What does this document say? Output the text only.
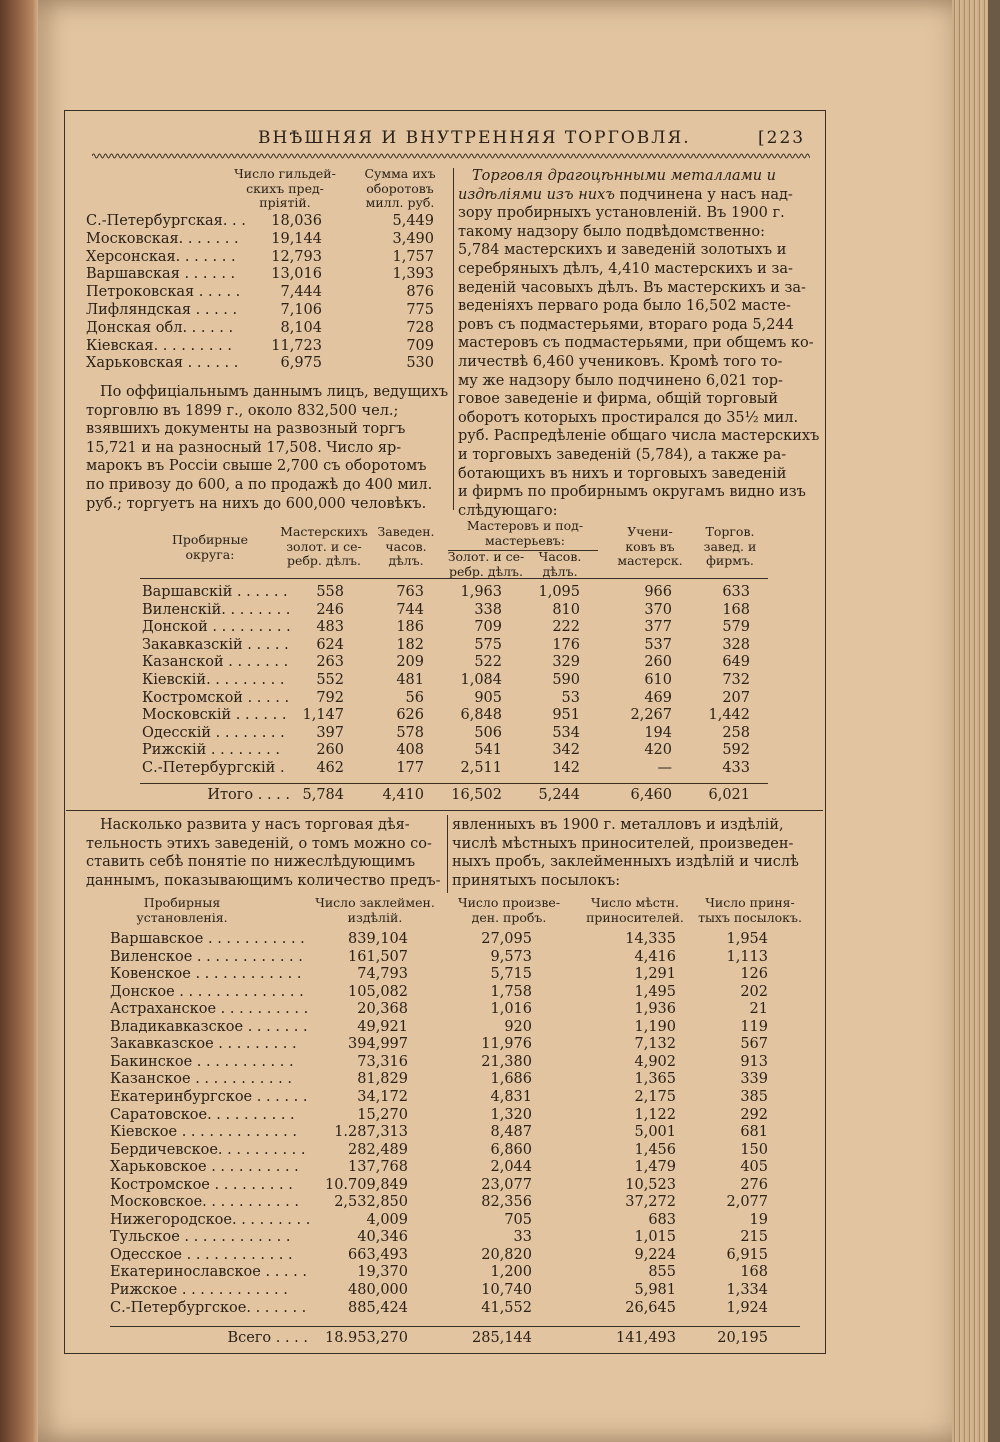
ВНѢШНЯЯ И ВНУТРЕННЯЯ ТОРГОВЛЯ.	[223
Число гильдей-
скихъ пред-
пріятій.
Сумма ихъ
оборотовъ
милл. руб.
С.-Петербургская. . .	18,036	5,449
Московская. . . . . . .	19,144	3,490
Херсонская. . . . . . .	12,793	1,757
Варшавская . . . . . .	13,016	1,393
Петроковская . . . . .	7,444	876
Лифляндская . . . . .	7,106	775
Донская обл. . . . . .	8,104	728
Кіевская. . . . . . . . .	11,723	709
Харьковская . . . . . .	6,975	530
По оффиціальнымъ даннымъ лицъ, ведущихъ
торговлю въ 1899 г., около 832,500 чел.;
взявшихъ документы на развозный торгъ
15,721 и на разносный 17,508. Число яр-
марокъ въ Россіи свыше 2,700 съ оборотомъ
по привозу до 600, а по продажѣ до 400 мил.
руб.; торгуетъ на нихъ до 600,000 человѣкъ.
Торговля драгоцѣнными металлами и
издѣліями изъ нихъ подчинена у насъ над-
зору пробирныхъ установленій. Въ 1900 г.
такому надзору было подвѣдомственно:
5,784 мастерскихъ и заведеній золотыхъ и
серебряныхъ дѣлъ, 4,410 мастерскихъ и за-
веденій часовыхъ дѣлъ. Въ мастерскихъ и за-
веденіяхъ перваго рода было 16,502 масте-
ровъ съ подмастерьями, втораго рода 5,244
мастеровъ съ подмастерьями, при общемъ ко-
личествѣ 6,460 учениковъ. Кромѣ того то-
му же надзору было подчинено 6,021 тор-
говое заведеніе и фирма, общій торговый
оборотъ которыхъ простирался до 35½ мил.
руб. Распредѣленіе общаго числа мастерскихъ
и торговыхъ заведеній (5,784), а также ра-
ботающихъ въ нихъ и торговыхъ заведеній
и фирмъ по пробирнымъ округамъ видно изъ
слѣдующаго:
Пробирные
округа:
Мастерскихъ
золот. и се-
ребр. дѣлъ.
Заведен.
часов.
дѣлъ.
Мастеровъ и под-
мастерьевъ:
Золот. и се-
ребр. дѣлъ.
Часов.
дѣлъ.
Учени-
ковъ въ
мастерск.
Торгов.
завед. и
фирмъ.
Варшавскій . . . . . .	558	763	1,963	1,095	966	633
Виленскій. . . . . . . .	246	744	338	810	370	168
Донской . . . . . . . . .	483	186	709	222	377	579
Закавказскій . . . . .	624	182	575	176	537	328
Казанской . . . . . . .	263	209	522	329	260	649
Кіевскій. . . . . . . . .	552	481	1,084	590	610	732
Костромской . . . . .	792	56	905	53	469	207
Московскій . . . . . .	1,147	626	6,848	951	2,267	1,442
Одесскій . . . . . . . .	397	578	506	534	194	258
Рижскій . . . . . . . .	260	408	541	342	420	592
С.-Петербургскій .	462	177	2,511	142	—	433
Итого . . . . 5,784	4,410	16,502	5,244	6,460	6,021
Насколько развита у насъ торговая дѣя-
тельность этихъ заведеній, о томъ можно со-
ставить себѣ понятіе по нижеслѣдующимъ
даннымъ, показывающимъ количество предъ-
явленныхъ въ 1900 г. металловъ и издѣлій,
числѣ мѣстныхъ приносителей, произведен-
ныхъ пробъ, заклейменныхъ издѣлій и числѣ
принятыхъ посылокъ:
Пробирныя
установленія.
Число заклеймен.
издѣлій.
Число произве-
ден. пробъ.
Число мѣстн.
приносителей.
Число приня-
тыхъ посылокъ.
Варшавское . . . . . . . . . . .	839,104	27,095	14,335	1,954
Виленское . . . . . . . . . . . .	161,507	9,573	4,416	1,113
Ковенское . . . . . . . . . . . .	74,793	5,715	1,291	126
Донское . . . . . . . . . . . . . .	105,082	1,758	1,495	202
Астраханское . . . . . . . . . .	20,368	1,016	1,936	21
Владикавказское . . . . . . .	49,921	920	1,190	119
Закавказское . . . . . . . . .	394,997	11,976	7,132	567
Бакинское . . . . . . . . . . .	73,316	21,380	4,902	913
Казанское . . . . . . . . . . .	81,829	1,686	1,365	339
Екатеринбургское . . . . . .	34,172	4,831	2,175	385
Саратовское. . . . . . . . . .	15,270	1,320	1,122	292
Кіевское . . . . . . . . . . . . .	1.287,313	8,487	5,001	681
Бердичевское. . . . . . . . . .	282,489	6,860	1,456	150
Харьковское . . . . . . . . . .	137,768	2,044	1,479	405
Костромское . . . . . . . . .	10.709,849	23,077	10,523	276
Московское. . . . . . . . . . .	2,532,850	82,356	37,272	2,077
Нижегородское. . . . . . . . .	4,009	705	683	19
Тульское . . . . . . . . . . . .	40,346	33	1,015	215
Одесское . . . . . . . . . . . .	663,493	20,820	9,224	6,915
Екатеринославское . . . . .	19,370	1,200	855	168
Рижское . . . . . . . . . . . .	480,000	10,740	5,981	1,334
С.-Петербургское. . . . . . .	885,424	41,552	26,645	1,924
Всего . . . .	18.953,270	285,144	141,493	20,195
